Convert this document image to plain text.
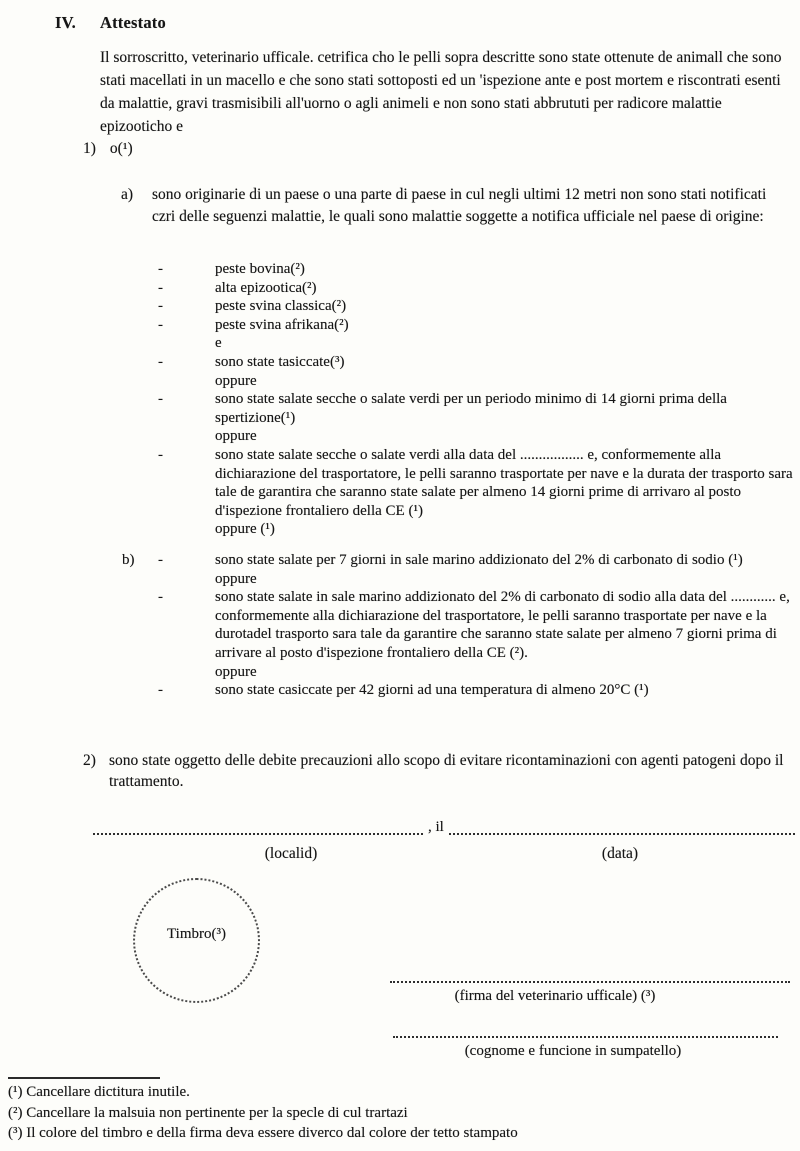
IV. Attestato
Il sorroscritto, veterinario ufficale. cetrifica cho le pelli sopra descritte sono state ottenute de animall che sono stati macellati in un macello e che sono stati sottoposti ed un 'ispezione ante e post mortem e riscontrati esenti da malattie, gravi trasmisibili all'uorno o agli animeli e non sono stati abbrututi per radicore malattie epizooticho e
1) o(¹)
a)	sono originarie di un paese o una parte di paese in cul negli ultimi 12 metri non sono stati notificati czri delle seguenzi malattie, le quali sono malattie soggette a notifica ufficiale nel paese di origine:
-	peste bovina(²)
-	alta epizootica(²)
-	peste svina classica(²)
-	peste svina afrikana(²)
e
-	sono state tasiccate(³)
oppure
-	sono state salate secche o salate verdi per un periodo minimo di 14 giorni prima della spertizione(¹)
oppure
-	sono state salate secche o salate verdi alla data del ................. e, conformemente alla dichiarazione del trasportatore, le pelli saranno trasportate per nave e la durata der trasporto sara tale de garantira che saranno state salate per almeno 14 giorni prime di arrivaro al posto d'ispezione frontaliero della CE (¹)
oppure (¹)
b)	-	sono state salate per 7 giorni in sale marino addizionato del 2% di carbonato di sodio (¹)
oppure
-	sono state salate in sale marino addizionato del 2% di carbonato di sodio alla data del ............ e, conformemente alla dichiarazione del trasportatore, le pelli saranno trasportate per nave e la durotadel trasporto sara tale da garantire che saranno state salate per almeno 7 giorni prima di arrivare al posto d'ispezione frontaliero della CE (²).
oppure
-	sono state casiccate per 42 giorni ad una temperatura di almeno 20°C (¹)
2) sono state oggetto delle debite precauzioni allo scopo di evitare ricontaminazioni con agenti patogeni dopo il trattamento.
, il
(localid)	(data)
Timbro(³)
(firma del veterinario ufficale) (³)
(cognome e funcione in sumpatello)
(¹) Cancellare dictitura inutile.
(²) Cancellare la malsuia non pertinente per la specle di cul trartazi
(³) Il colore del timbro e della firma deva essere diverco dal colore der tetto stampato
